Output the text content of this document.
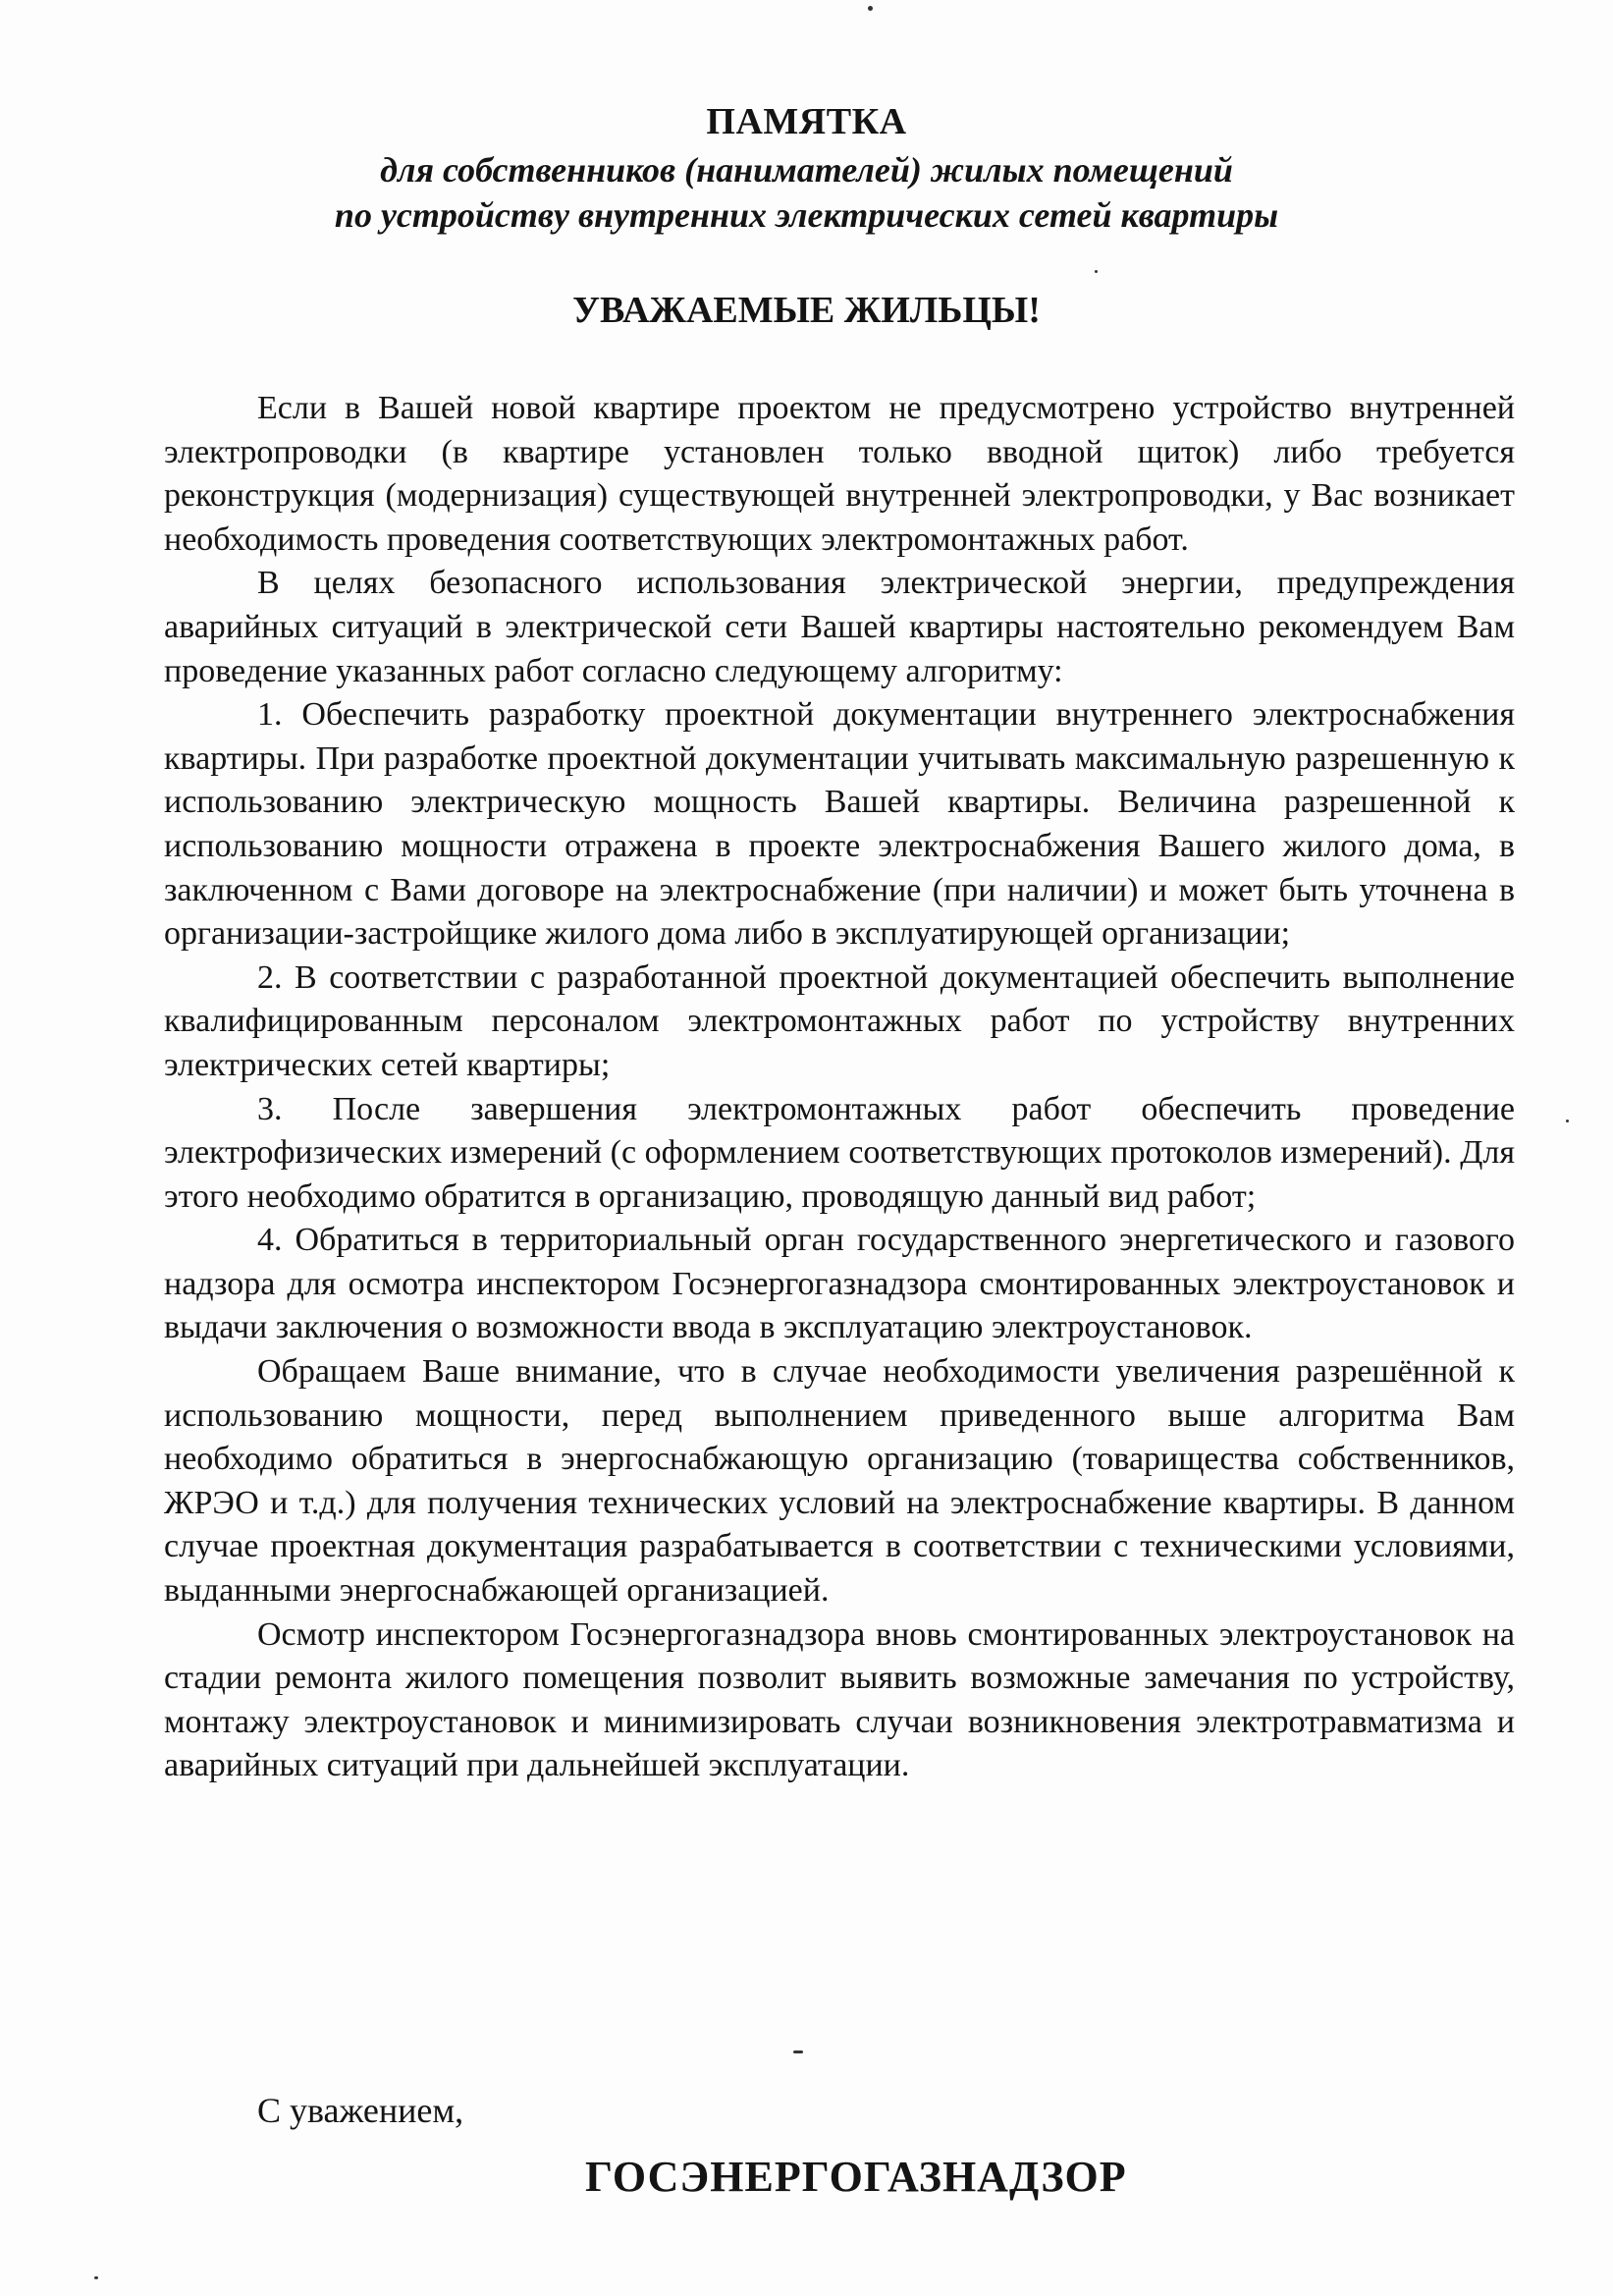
ПАМЯТКА
для собственников (нанимателей) жилых помещений
по устройству внутренних электрических сетей квартиры
УВАЖАЕМЫЕ ЖИЛЬЦЫ!

Если в Вашей новой квартире проектом не предусмотрено устройство внутренней электропроводки (в квартире установлен только вводной щиток) либо требуется реконструкция (модернизация) существующей внутренней электропроводки, у Вас возникает необходимость проведения соответствующих электромонтажных работ.

В целях безопасного использования электрической энергии, предупреждения аварийных ситуаций в электрической сети Вашей квартиры настоятельно рекомендуем Вам проведение указанных работ согласно следующему алгоритму:

1. Обеспечить разработку проектной документации внутреннего электроснабжения квартиры. При разработке проектной документации учитывать максимальную разрешенную к использованию электрическую мощность Вашей квартиры. Величина разрешенной к использованию мощности отражена в проекте электроснабжения Вашего жилого дома, в заключенном с Вами договоре на электроснабжение (при наличии) и может быть уточнена в организации-застройщике жилого дома либо в эксплуатирующей организации;

2. В соответствии с разработанной проектной документацией обеспечить выполнение квалифицированным персоналом электромонтажных работ по устройству внутренних электрических сетей квартиры;

3. После завершения электромонтажных работ обеспечить проведение электрофизических измерений (с оформлением соответствующих протоколов измерений). Для этого необходимо обратится в организацию, проводящую данный вид работ;

4. Обратиться в территориальный орган государственного энергетического и газового надзора для осмотра инспектором Госэнергогазнадзора смонтированных электроустановок и выдачи заключения о возможности ввода в эксплуатацию электроустановок.

Обращаем Ваше внимание, что в случае необходимости увеличения разрешённой к использованию мощности, перед выполнением приведенного выше алгоритма Вам необходимо обратиться в энергоснабжающую организацию (товарищества собственников, ЖРЭО и т.д.) для получения технических условий на электроснабжение квартиры. В данном случае проектная документация разрабатывается в соответствии с техническими условиями, выданными энергоснабжающей организацией.

Осмотр инспектором Госэнергогазнадзора вновь смонтированных электроустановок на стадии ремонта жилого помещения позволит выявить возможные замечания по устройству, монтажу электроустановок и минимизировать случаи возникновения электротравматизма и аварийных ситуаций при дальнейшей эксплуатации.

С уважением,
ГОСЭНЕРГОГАЗНАДЗОР
